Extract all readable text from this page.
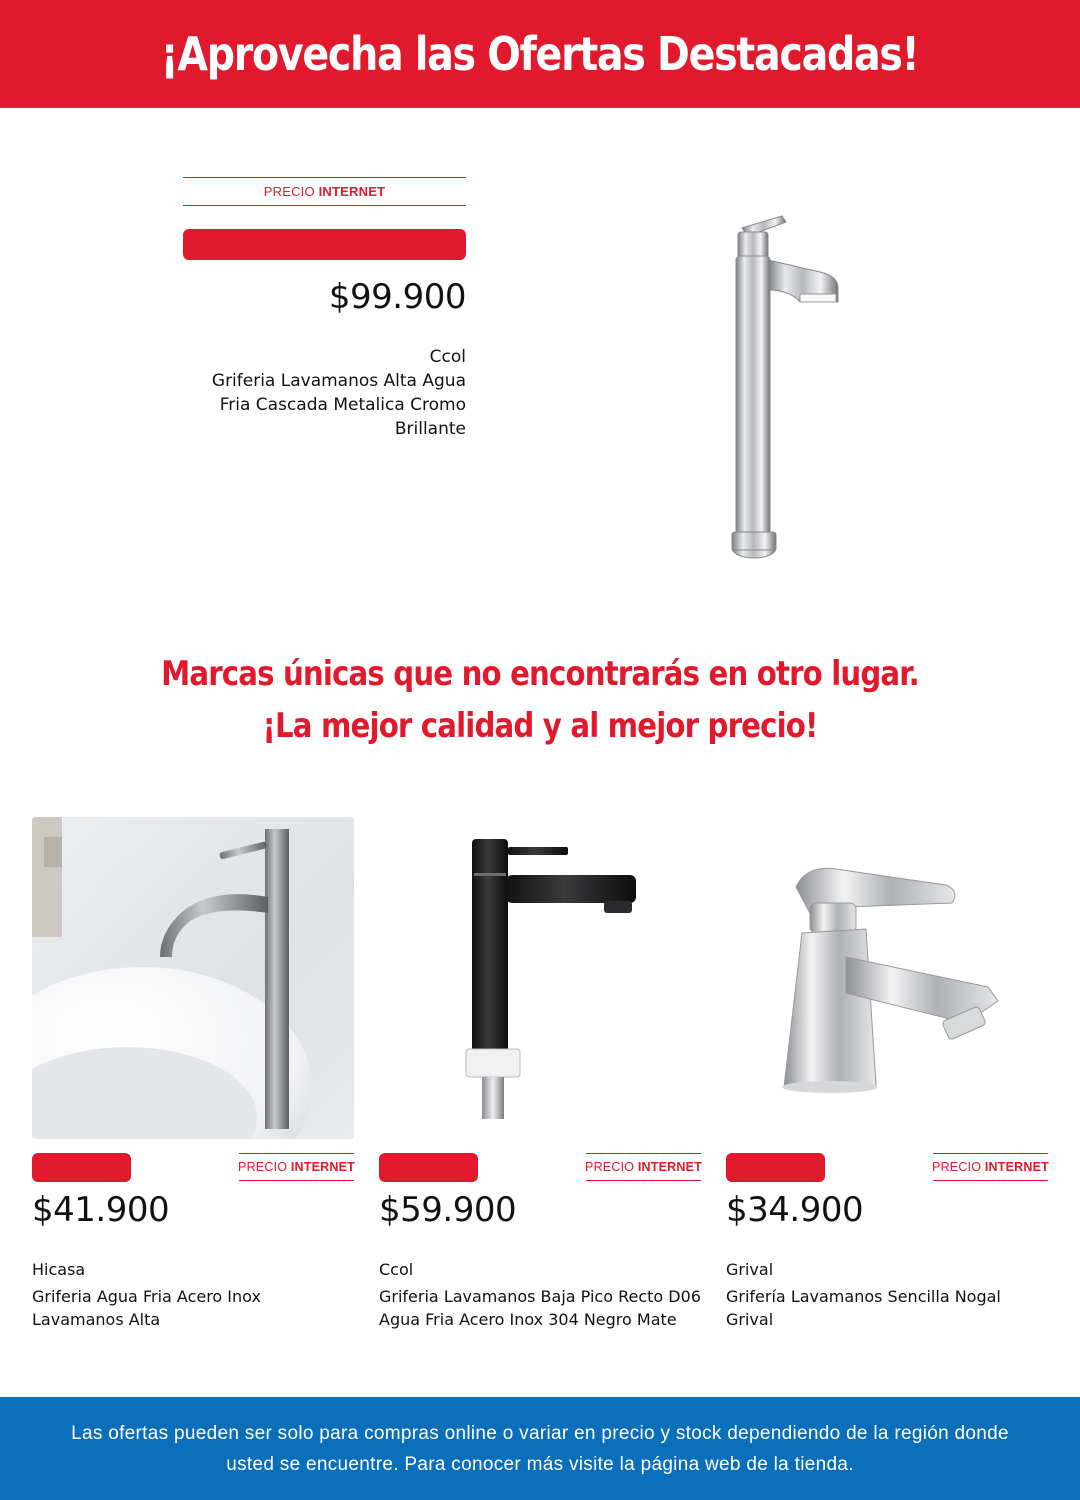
¡Aprovecha las Ofertas Destacadas!
PRECIO
INTERNET
$99.900
Ccol
Griferia Lavamanos Alta Agua Fria Cascada Metalica Cromo Brillante
Marcas únicas que no encontrarás en otro lugar.
¡La mejor calidad y al mejor precio!
PRECIO
INTERNET
$41.900
Hicasa
Griferia Agua Fria Acero Inox Lavamanos Alta
PRECIO
INTERNET
$59.900
Ccol
Griferia Lavamanos Baja Pico Recto D06 Agua Fria Acero Inox 304 Negro Mate
PRECIO
INTERNET
$34.900
Grival
Grifería Lavamanos Sencilla Nogal Grival
Las ofertas pueden ser solo para compras online o variar en precio y stock dependiendo de la región donde usted se encuentre. Para conocer más visite la página web de la tienda.
